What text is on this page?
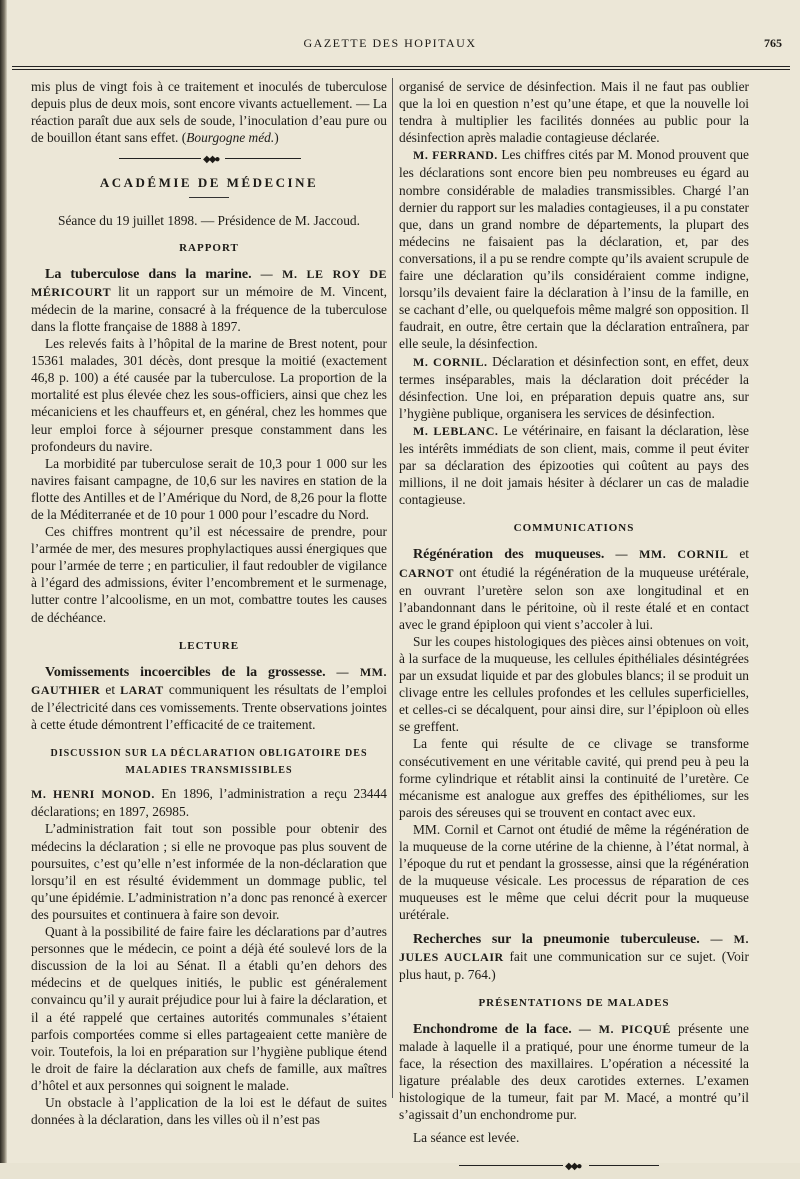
GAZETTE DES HOPITAUX	765

mis plus de vingt fois à ce traitement et inoculés de tuberculose depuis plus de deux mois, sont encore vivants actuellement. — La réaction paraît due aux sels de soude, l’inoculation d’eau pure ou de bouillon étant sans effet. (Bourgogne méd.)

◆◆●
ACADÉMIE DE MÉDECINE

Séance du 19 juillet 1898. — Présidence de M. Jaccoud.

RAPPORT

La tuberculose dans la marine. — M. LE ROY DE MÉRICOURT lit un rapport sur un mémoire de M. Vincent, médecin de la marine, consacré à la fréquence de la tuberculose dans la flotte française de 1888 à 1897.

Les relevés faits à l’hôpital de la marine de Brest notent, pour 15361 malades, 301 décès, dont presque la moitié (exactement 46,8 p. 100) a été causée par la tuberculose. La proportion de la mortalité est plus élevée chez les sous-officiers, ainsi que chez les mécaniciens et les chauffeurs et, en général, chez les hommes que leur emploi force à séjourner presque constamment dans les profondeurs du navire.

La morbidité par tuberculose serait de 10,3 pour 1 000 sur les navires faisant campagne, de 10,6 sur les navires en station de la flotte des Antilles et de l’Amérique du Nord, de 8,26 pour la flotte de la Méditerranée et de 10 pour 1 000 pour l’escadre du Nord.

Ces chiffres montrent qu’il est nécessaire de prendre, pour l’armée de mer, des mesures prophylactiques aussi énergiques que pour l’armée de terre ; en particulier, il faut redoubler de vigilance à l’égard des admissions, éviter l’encombrement et le surmenage, lutter contre l’alcoolisme, en un mot, combattre toutes les causes de déchéance.

LECTURE

Vomissements incoercibles de la grossesse. — MM. GAUTHIER et LARAT communiquent les résultats de l’emploi de l’électricité dans ces vomissements. Trente observations jointes à cette étude démontrent l’efficacité de ce traitement.

DISCUSSION SUR LA DÉCLARATION OBLIGATOIRE DES MALADIES TRANSMISSIBLES

M. HENRI MONOD. En 1896, l’administration a reçu 23444 déclarations; en 1897, 26985.

L’administration fait tout son possible pour obtenir des médecins la déclaration ; si elle ne provoque pas plus souvent de poursuites, c’est qu’elle n’est informée de la non-déclaration que lorsqu’il en est résulté évidemment un dommage public, tel qu’une épidémie. L’administration n’a donc pas renoncé à exercer des poursuites et continuera à faire son devoir.

Quant à la possibilité de faire faire les déclarations par d’autres personnes que le médecin, ce point a déjà été soulevé lors de la discussion de la loi au Sénat. Il a établi qu’en dehors des médecins et de quelques initiés, le public est généralement convaincu qu’il y aurait préjudice pour lui à faire la déclaration, et il a été rappelé que certaines autorités communales s’étaient parfois comportées comme si elles partageaient cette manière de voir. Toutefois, la loi en préparation sur l’hygiène publique étend le droit de faire la déclaration aux chefs de famille, aux maîtres d’hôtel et aux personnes qui soignent le malade.

Un obstacle à l’application de la loi est le défaut de suites données à la déclaration, dans les villes où il n’est pas

organisé de service de désinfection. Mais il ne faut pas oublier que la loi en question n’est qu’une étape, et que la nouvelle loi tendra à multiplier les facilités données au public pour la désinfection après maladie contagieuse déclarée.

M. FERRAND. Les chiffres cités par M. Monod prouvent que les déclarations sont encore bien peu nombreuses eu égard au nombre considérable de maladies transmissibles. Chargé l’an dernier du rapport sur les maladies contagieuses, il a pu constater que, dans un grand nombre de départements, la plupart des médecins ne faisaient pas la déclaration, et, par des conversations, il a pu se rendre compte qu’ils avaient scrupule de faire une déclaration qu’ils considéraient comme indigne, lorsqu’ils devaient faire la déclaration à l’insu de la famille, en se cachant d’elle, ou quelquefois même malgré son opposition. Il faudrait, en outre, être certain que la déclaration entraînera, par elle seule, la désinfection.

M. CORNIL. Déclaration et désinfection sont, en effet, deux termes inséparables, mais la déclaration doit précéder la désinfection. Une loi, en préparation depuis quatre ans, sur l’hygiène publique, organisera les services de désinfection.

M. LEBLANC. Le vétérinaire, en faisant la déclaration, lèse les intérêts immédiats de son client, mais, comme il peut éviter par sa déclaration des épizooties qui coûtent au pays des millions, il ne doit jamais hésiter à déclarer un cas de maladie contagieuse.

COMMUNICATIONS

Régénération des muqueuses. — MM. CORNIL et CARNOT ont étudié la régénération de la muqueuse urétérale, en ouvrant l’uretère selon son axe longitudinal et en l’abandonnant dans le péritoine, où il reste étalé et en contact avec le grand épiploon qui vient s’accoler à lui.

Sur les coupes histologiques des pièces ainsi obtenues on voit, à la surface de la muqueuse, les cellules épithéliales désintégrées par un exsudat liquide et par des globules blancs; il se produit un clivage entre les cellules profondes et les cellules superficielles, et celles-ci se décalquent, pour ainsi dire, sur l’épiploon où elles se greffent.

La fente qui résulte de ce clivage se transforme consécutivement en une véritable cavité, qui prend peu à peu la forme cylindrique et rétablit ainsi la continuité de l’uretère. Ce mécanisme est analogue aux greffes des épithéliomes, sur les parois des séreuses qui se trouvent en contact avec eux.

MM. Cornil et Carnot ont étudié de même la régénération de la muqueuse de la corne utérine de la chienne, à l’état normal, à l’époque du rut et pendant la grossesse, ainsi que la régénération de la muqueuse vésicale. Les processus de réparation de ces muqueuses est le même que celui décrit pour la muqueuse urétérale.

Recherches sur la pneumonie tuberculeuse. — M. JULES AUCLAIR fait une communication sur ce sujet. (Voir plus haut, p. 764.)

PRÉSENTATIONS DE MALADES

Enchondrome de la face. — M. PICQUÉ présente une malade à laquelle il a pratiqué, pour une énorme tumeur de la face, la résection des maxillaires. L’opération a nécessité la ligature préalable des deux carotides externes. L’examen histologique de la tumeur, fait par M. Macé, a montré qu’il s’agissait d’un enchondrome pur.

La séance est levée.

◆◆●
